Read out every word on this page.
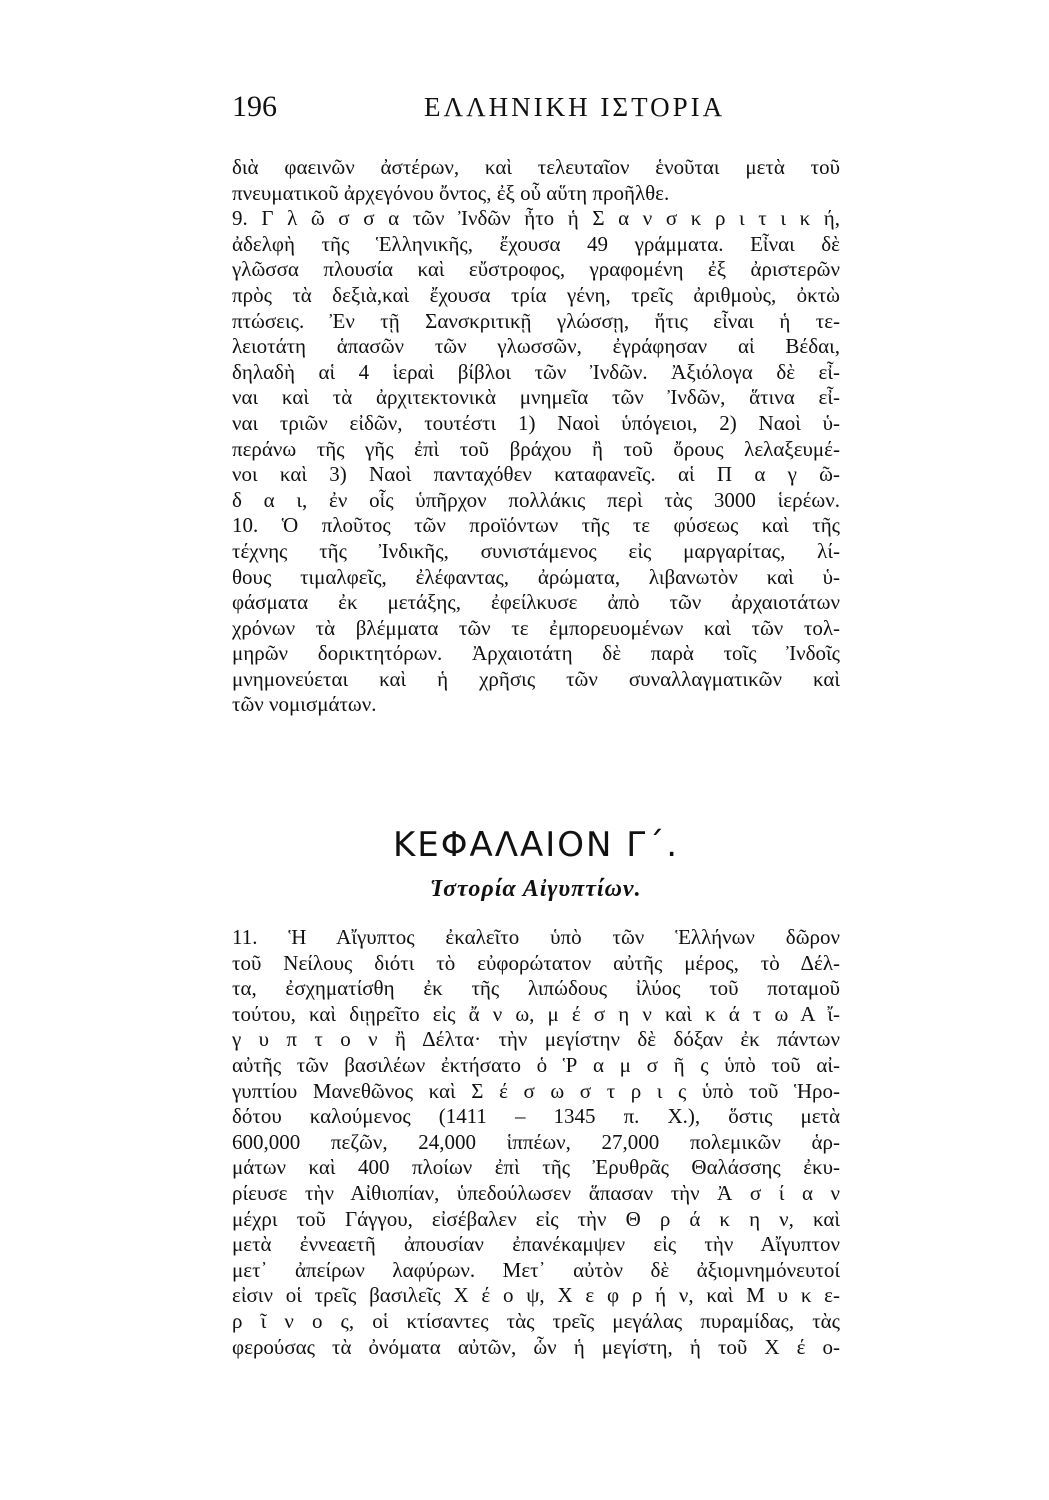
196	ΕΛΛΗΝΙΚΗ ΙΣΤΟΡΙΑ
διὰ φαεινῶν ἀστέρων, καὶ τελευταῖον ἑνοῦται μετὰ τοῦ
πνευματικοῦ ἀρχεγόνου ὄντος, ἐξ οὗ αὕτη προῆλθε.
9. Γ λ ῶ σ σ α τῶν Ἰνδῶν ἦτο ἡ Σ α ν σ κ ρ ι τ ι κ ή,
ἀδελφὴ τῆς Ἑλληνικῆς, ἔχουσα 49 γράμματα. Εἶναι δὲ
γλῶσσα πλουσία καὶ εὔστροφος, γραφομένη ἐξ ἀριστερῶν
πρὸς τὰ δεξιὰ,καὶ ἔχουσα τρία γένη, τρεῖς ἀριθμοὺς, ὀκτὼ
πτώσεις. Ἐν τῇ Σανσκριτικῇ γλώσσῃ, ἥτις εἶναι ἡ τε-
λειοτάτη ἁπασῶν τῶν γλωσσῶν, ἐγράφησαν αἱ Βέδαι,
δηλαδὴ αἱ 4 ἱεραὶ βίβλοι τῶν Ἰνδῶν. Ἀξιόλογα δὲ εἶ-
ναι καὶ τὰ ἀρχιτεκτονικὰ μνημεῖα τῶν Ἰνδῶν, ἅτινα εἶ-
ναι τριῶν εἰδῶν, τουτέστι 1) Ναοὶ ὑπόγειοι, 2) Ναοὶ ὑ-
περάνω τῆς γῆς ἐπὶ τοῦ βράχου ἢ τοῦ ὄρους λελαξευμέ-
νοι καὶ 3) Ναοὶ πανταχόθεν καταφανεῖς. αἱ Π α γ ῶ-
δ α ι, ἐν οἷς ὑπῆρχον πολλάκις περὶ τὰς 3000 ἱερέων.
10. Ὁ πλοῦτος τῶν προϊόντων τῆς τε φύσεως καὶ τῆς
τέχνης τῆς Ἰνδικῆς, συνιστάμενος εἰς μαργαρίτας, λί-
θους τιμαλφεῖς, ἐλέφαντας, ἀρώματα, λιβανωτὸν καὶ ὑ-
φάσματα ἐκ μετάξης, ἐφείλκυσε ἀπὸ τῶν ἀρχαιοτάτων
χρόνων τὰ βλέμματα τῶν τε ἐμπορευομένων καὶ τῶν τολ-
μηρῶν δορικτητόρων. Ἀρχαιοτάτη δὲ παρὰ τοῖς Ἰνδοῖς
μνημονεύεται καὶ ἡ χρῆσις τῶν συναλλαγματικῶν καὶ
τῶν νομισμάτων.
ΚΕΦΑΛΑΙΟΝ Γ΄.
Ἱστορία Αἰγυπτίων.
11. Ἡ Αἴγυπτος ἐκαλεῖτο ὑπὸ τῶν Ἑλλήνων δῶρον
τοῦ Νείλους διότι τὸ εὐφορώτατον αὐτῆς μέρος, τὸ Δέλ-
τα, ἐσχηματίσθη ἐκ τῆς λιπώδους ἰλύος τοῦ ποταμοῦ
τούτου, καὶ διῃρεῖτο εἰς ἄ ν ω, μ έ σ η ν καὶ κ ά τ ω Α ἴ-
γ υ π τ ο ν ἢ Δέλτα· τὴν μεγίστην δὲ δόξαν ἐκ πάντων
αὐτῆς τῶν βασιλέων ἐκτήσατο ὁ Ῥ α μ σ ῆ ς ὑπὸ τοῦ αἰ-
γυπτίου Μανεθῶνος καὶ Σ έ σ ω σ τ ρ ι ς ὑπὸ τοῦ Ἡρο-
δότου καλούμενος (1411 – 1345 π. Χ.), ὅστις μετὰ
600,000 πεζῶν, 24,000 ἱππέων, 27,000 πολεμικῶν ἁρ-
μάτων καὶ 400 πλοίων ἐπὶ τῆς Ἐρυθρᾶς Θαλάσσης ἐκυ-
ρίευσε τὴν Αἰθιοπίαν, ὑπεδούλωσεν ἅπασαν τὴν Ἀ σ ί α ν
μέχρι τοῦ Γάγγου, εἰσέβαλεν εἰς τὴν Θ ρ ά κ η ν, καὶ
μετὰ ἐννεαετῆ ἀπουσίαν ἐπανέκαμψεν εἰς τὴν Αἴγυπτον
μετ᾽ ἀπείρων λαφύρων. Μετ᾽ αὐτὸν δὲ ἀξιομνημόνευτοί
εἰσιν οἱ τρεῖς βασιλεῖς Χ έ ο ψ, Χ ε φ ρ ή ν, καὶ Μ υ κ ε-
ρ ῖ ν ο ς, οἱ κτίσαντες τὰς τρεῖς μεγάλας πυραμίδας, τὰς
φερούσας τὰ ὀνόματα αὐτῶν, ὧν ἡ μεγίστη, ἡ τοῦ Χ έ ο-
